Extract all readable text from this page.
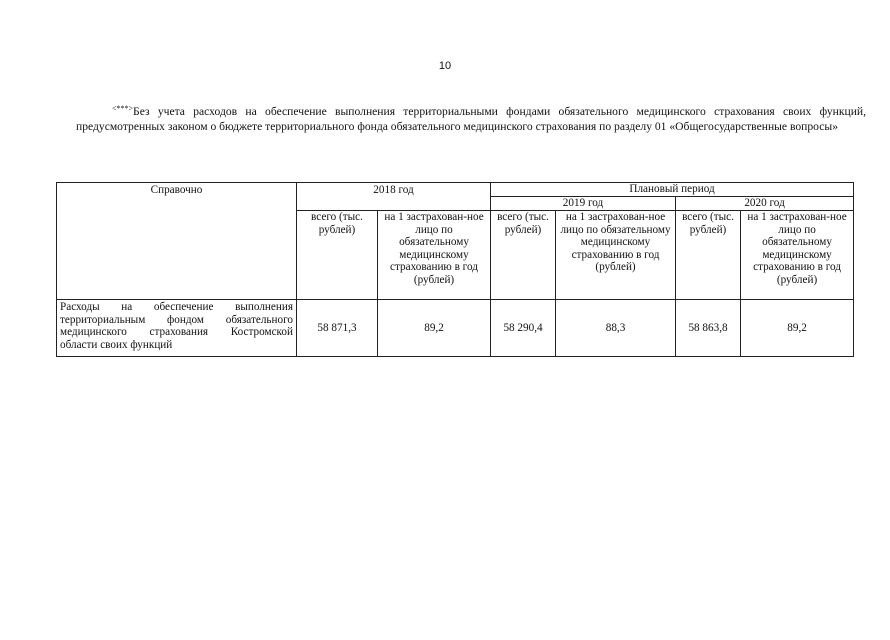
10
<***>Без учета расходов на обеспечение выполнения территориальными фондами обязательного медицинского страхования своих функций, предусмотренных законом о бюджете территориального фонда обязательного медицинского страхования по разделу 01 «Общегосударственные вопросы»
Справочно	2018 год		Плановый период			
			2019 год		2020 год	
	всего (тыс. рублей)	на 1 застрахован-ное лицо по обязательному медицинскому страхованию в год (рублей)	всего (тыс. рублей)	на 1 застрахован-ное лицо по обязательному медицинскому страхованию в год (рублей)	всего (тыс. рублей)	на 1 застрахован-ное лицо по обязательному медицинскому страхованию в год (рублей)
Расходы на обеспечение выполнения территориальным фондом обязательного медицинского страхования Костромской области своих функций	58 871,3	89,2	58 290,4	88,3	58 863,8	89,2
